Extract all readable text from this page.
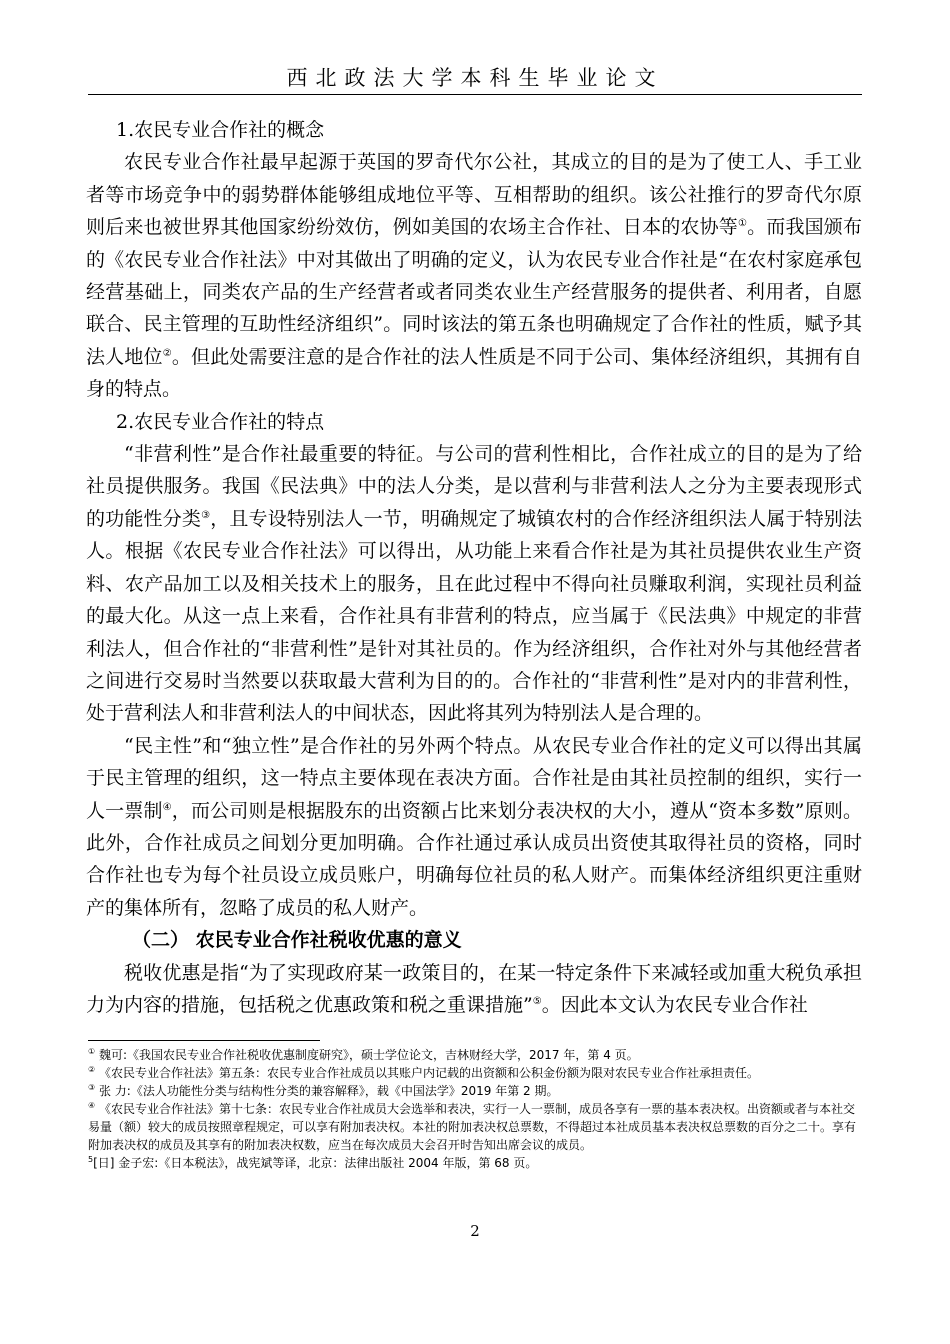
西北政法大学本科生毕业论文

1.农民专业合作社的概念

农民专业合作社最早起源于英国的罗奇代尔公社，其成立的目的是为了使工人、手工业者等市场竞争中的弱势群体能够组成地位平等、互相帮助的组织。该公社推行的罗奇代尔原则后来也被世界其他国家纷纷效仿，例如美国的农场主合作社、日本的农协等①。而我国颁布的《农民专业合作社法》中对其做出了明确的定义，认为农民专业合作社是“在农村家庭承包经营基础上，同类农产品的生产经营者或者同类农业生产经营服务的提供者、利用者，自愿联合、民主管理的互助性经济组织”。同时该法的第五条也明确规定了合作社的性质，赋予其法人地位②。但此处需要注意的是合作社的法人性质是不同于公司、集体经济组织，其拥有自身的特点。

2.农民专业合作社的特点

“非营利性”是合作社最重要的特征。与公司的营利性相比，合作社成立的目的是为了给社员提供服务。我国《民法典》中的法人分类，是以营利与非营利法人之分为主要表现形式的功能性分类③，且专设特别法人一节，明确规定了城镇农村的合作经济组织法人属于特别法人。根据《农民专业合作社法》可以得出，从功能上来看合作社是为其社员提供农业生产资料、农产品加工以及相关技术上的服务，且在此过程中不得向社员赚取利润，实现社员利益的最大化。从这一点上来看，合作社具有非营利的特点，应当属于《民法典》中规定的非营利法人，但合作社的“非营利性”是针对其社员的。作为经济组织，合作社对外与其他经营者之间进行交易时当然要以获取最大营利为目的的。合作社的“非营利性”是对内的非营利性，处于营利法人和非营利法人的中间状态，因此将其列为特别法人是合理的。

“民主性”和“独立性”是合作社的另外两个特点。从农民专业合作社的定义可以得出其属于民主管理的组织，这一特点主要体现在表决方面。合作社是由其社员控制的组织，实行一人一票制④，而公司则是根据股东的出资额占比来划分表决权的大小，遵从“资本多数”原则。此外，合作社成员之间划分更加明确。合作社通过承认成员出资使其取得社员的资格，同时合作社也专为每个社员设立成员账户，明确每位社员的私人财产。而集体经济组织更注重财产的集体所有，忽略了成员的私人财产。

（二） 农民专业合作社税收优惠的意义

税收优惠是指“为了实现政府某一政策目的，在某一特定条件下来减轻或加重大税负承担力为内容的措施，包括税之优惠政策和税之重课措施”⑤。因此本文认为农民专业合作社

① 魏可:《我国农民专业合作社税收优惠制度研究》，硕士学位论文，吉林财经大学，2017 年，第 4 页。

② 《农民专业合作社法》第五条：农民专业合作社成员以其账户内记载的出资额和公积金份额为限对农民专业合作社承担责任。

③ 张 力:《法人功能性分类与结构性分类的兼容解释》，载《中国法学》2019 年第 2 期。

④ 《农民专业合作社法》第十七条：农民专业合作社成员大会选举和表决，实行一人一票制，成员各享有一票的基本表决权。出资额或者与本社交易量（额）较大的成员按照章程规定，可以享有附加表决权。本社的附加表决权总票数，不得超过本社成员基本表决权总票数的百分之二十。享有附加表决权的成员及其享有的附加表决权数，应当在每次成员大会召开时告知出席会议的成员。

$^5$[日] 金子宏:《日本税法》，战宪斌等译，北京：法律出版社 2004 年版，第 68 页。

2
